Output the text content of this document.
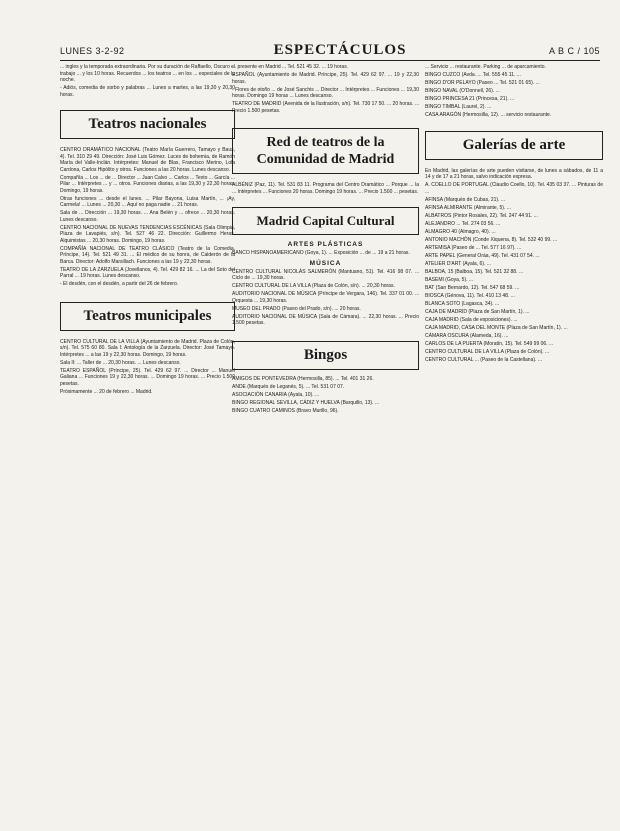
LUNES 3-2-92	ESPECTÁCULOS	A B C / 105

... ingles y la temporada extraordinaria. Por su duración de Raffaello, Oscuro el trabajo ... y los 10 horas. Recuerdos ... los teatros ... en los ... especiales de la noche.

- Adiós, comedia de sorbo y palabras ... Lunes a martes, a las 19,30 y 20,30 horas.

Teatros nacionales

CENTRO DRAMÁTICO NACIONAL (Teatro María Guerrero, Tamayo y Baus, 4). Tel. 310 29 49. Dirección: José Luis Gómez. Luces de bohemia, de Ramón María del Valle-Inclán. Intérpretes: Manuel de Blas, Francisco Merino, Lola Cardona, Carlos Hipólito y otros. Funciones a las 20 horas. Lunes descanso.

Compañía ... Los ... de ... Director ... Juan Calvo ... Carlos ... Texto ... García ... Pilar ... Intérpretes ... y ... otros. Funciones diarias, a las 19,30 y 22,30 horas. Domingo, 19 horas.

Otras funciones ... desde el lunes. ... Pilar Bayona, Luisa Martín, ... ¡Ay, Carmela! ... Lunes ... 20,30 ... Aquí no paga nadie ... 21 horas.

Sala de ... Dirección ... 19,30 horas. ... Ana Belén y ... ofrece ... 20,30 horas. Lunes descanso.

CENTRO NACIONAL DE NUEVAS TENDENCIAS ESCÉNICAS (Sala Olimpia, Plaza de Lavapiés, s/n). Tel. 527 46 22. Dirección: Guillermo Heras. Alquimistas ... 20,30 horas. Domingo, 19 horas.

COMPAÑÍA NACIONAL DE TEATRO CLÁSICO (Teatro de la Comedia, Príncipe, 14). Tel. 521 49 31. ... El médico de su honra, de Calderón de la Barca. Director: Adolfo Marsillach. Funciones a las 19 y 22,30 horas.

TEATRO DE LA ZARZUELA (Jovellanos, 4). Tel. 429 82 16. ... La del Soto del Parral ... 19 horas. Lunes descanso.

- El desdén, con el desdén, a partir del 26 de febrero.

Teatros municipales

CENTRO CULTURAL DE LA VILLA (Ayuntamiento de Madrid. Plaza de Colón, s/n). Tel. 575 60 80. Sala I: Antología de la Zarzuela. Director: José Tamayo. Intérpretes ... a las 19 y 22,30 horas. Domingo, 19 horas.

Sala II: ... Taller de ... 20,30 horas. ... Lunes descanso.

TEATRO ESPAÑOL (Príncipe, 25). Tel. 429 62 97. ... Director ... Manuel Galiana ... Funciones 19 y 22,30 horas. ... Domingo 19 horas. ... Precio 1.500 pesetas.

Próximamente ... 20 de febrero ... Madrid.

... presente en Madrid ... Tel. 521 45 32. ... 19 horas.

ESPAÑOL (Ayuntamiento de Madrid. Príncipe, 25). Tel. 429 62 97. ... 19 y 22,30 horas.

- Flores de otoño ... de José Sanchis ... Director ... Intérpretes ... Funciones ... 19,30 horas. Domingo 19 horas ... Lunes descanso.

TEATRO DE MADRID (Avenida de la Ilustración, s/n). Tel. 730 17 50. ... 20 horas. ... Precio 1.500 pesetas.

Red de teatros de la Comunidad de Madrid

ALBÉNIZ (Paz, 11). Tel. 531 83 11. Programa del Centro Dramático ... Porque ... la ... Intérpretes ... Funciones 20 horas. Domingo 19 horas. ... Precio 1.500 ... pesetas.

Madrid Capital Cultural
ARTES PLÁSTICAS

BANCO HISPANOAMERICANO (Goya, 1). ... Exposición ... de ... 19 a 21 horas.

MÚSICA

CENTRO CULTURAL NICOLÁS SALMERÓN (Mantuano, 51). Tel. 416 98 07. ... Ciclo de ... 19,30 horas.

CENTRO CULTURAL DE LA VILLA (Plaza de Colón, s/n). ... 20,30 horas.

AUDITORIO NACIONAL DE MÚSICA (Príncipe de Vergara, 146). Tel. 337 01 00. ... Orquesta ... 19,30 horas.

MUSEO DEL PRADO (Paseo del Prado, s/n). ... 20 horas.

AUDITORIO NACIONAL DE MÚSICA (Sala de Cámara). ... 22,30 horas. ... Precio 1.500 pesetas.

Bingos

AMIGOS DE PONTEVEDRA (Hermosilla, 85). ... Tel. 401 31 26.

ANDE (Marqués de Leganés, 5). ... Tel. 531 07 07.

ASOCIACIÓN CANARIA (Ayala, 10). ...

BINGO REGIONAL SEVILLA, CÁDIZ Y HUELVA (Barquillo, 13). ...

BINGO CUATRO CAMINOS (Bravo Murillo, 96).

... Servicio ... restaurante. Parking ... de aparcamiento.

BINGO CUZCO (Avda. ... Tel. 555 45 11. ...

BINGO D'OR PELAYO (Paseo ... Tel. 521 01 65). ...

BINGO NAVAL (O'Donnell, 26). ...

BINGO PRINCESA 21 (Princesa, 21). ...

BINGO TIMBAL (Laurel, 2). ...

CASA ARAGÓN (Hermosilla, 12). ... servicio restaurante.

Galerías de arte

En Madrid, las galerías de arte pueden visitarse, de lunes a sábados, de 11 a 14 y de 17 a 21 horas, salvo indicación expresa.

A. COELLO DE PORTUGAL (Claudio Coello, 10). Tel. 435 03 37. ... Pinturas de ...

AFINSA (Marqués de Cubas, 21). ...

AFINSA ALMIRANTE (Almirante, 5). ...

ALBATROS (Pintor Rosales, 22). Tel. 247 44 91. ...

ALEJANDRO ... Tel. 274 03 56. ...

ALMAGRO 40 (Almagro, 40). ...

ANTONIO MACHÓN (Conde Xiquena, 8). Tel. 532 40 99. ...

ARTEMISA (Paseo de ... Tel. 577 16 97). ...

ARTE PAPEL (General Oráa, 49). Tel. 431 07 54. ...

ATELIER D'ART (Ayala, 6). ...

BALBOA, 15 (Balboa, 15). Tel. 521 32 88. ...

BASEMI (Goya, 5). ...

BAT (San Bernardo, 12). Tel. 547 68 59. ...

BIOSCA (Génova, 11). Tel. 410 13 48. ...

BLANCA SOTO (Lagasca, 34). ...

CAJA DE MADRID (Plaza de San Martín, 1). ...

CAJA MADRID (Sala de exposiciones). ...

CAJA MADRID, CASA DEL MONTE (Plaza de San Martín, 1). ...

CÁMARA OSCURA (Alameda, 16). ...

CARLOS DE LA PUERTA (Moratín, 15). Tel. 549 99 06. ...

CENTRO CULTURAL DE LA VILLA (Plaza de Colón). ...

CENTRO CULTURAL ... (Paseo de la Castellana). ...
